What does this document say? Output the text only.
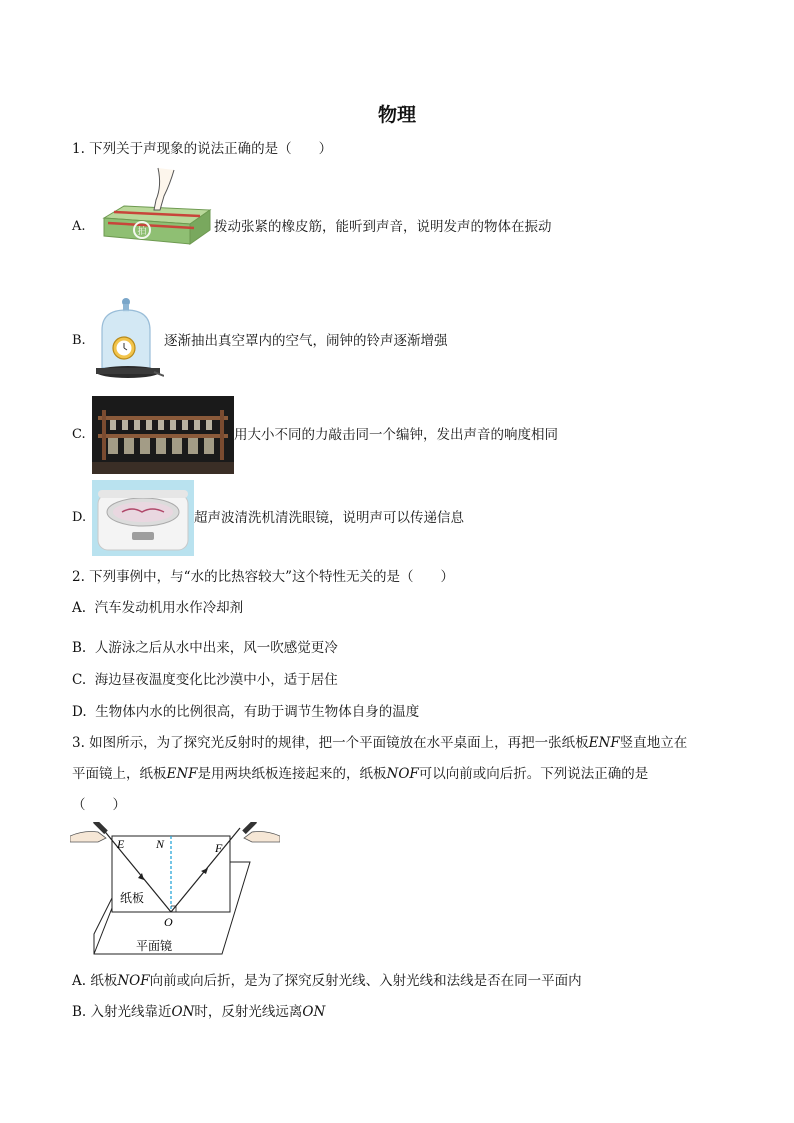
物理
1. 下列关于声现象的说法正确的是（　　）
A.	拍	拨动张紧的橡皮筋，能听到声音，说明发声的物体在振动
B.	逐渐抽出真空罩内的空气，闹钟的铃声逐渐增强
C.	用大小不同的力敲击同一个编钟，发出声音的响度相同
D.	超声波清洗机清洗眼镜，说明声可以传递信息
2. 下列事例中，与“水的比热容较大”这个特性无关的是（　　）
A. 汽车发动机用水作冷却剂
B. 人游泳之后从水中出来，风一吹感觉更冷
C. 海边昼夜温度变化比沙漠中小，适于居住
D. 生物体内水的比例很高，有助于调节生物体自身的温度
3. 如图所示，为了探究光反射时的规律，把一个平面镜放在水平桌面上，再把一张纸板ENF竖直地立在
平面镜上，纸板ENF是用两块纸板连接起来的，纸板NOF可以向前或向后折。下列说法正确的是
（　　）
E	N	F
O
纸板
平面镜
A. 纸板NOF向前或向后折，是为了探究反射光线、入射光线和法线是否在同一平面内
B. 入射光线靠近ON时，反射光线远离ON
